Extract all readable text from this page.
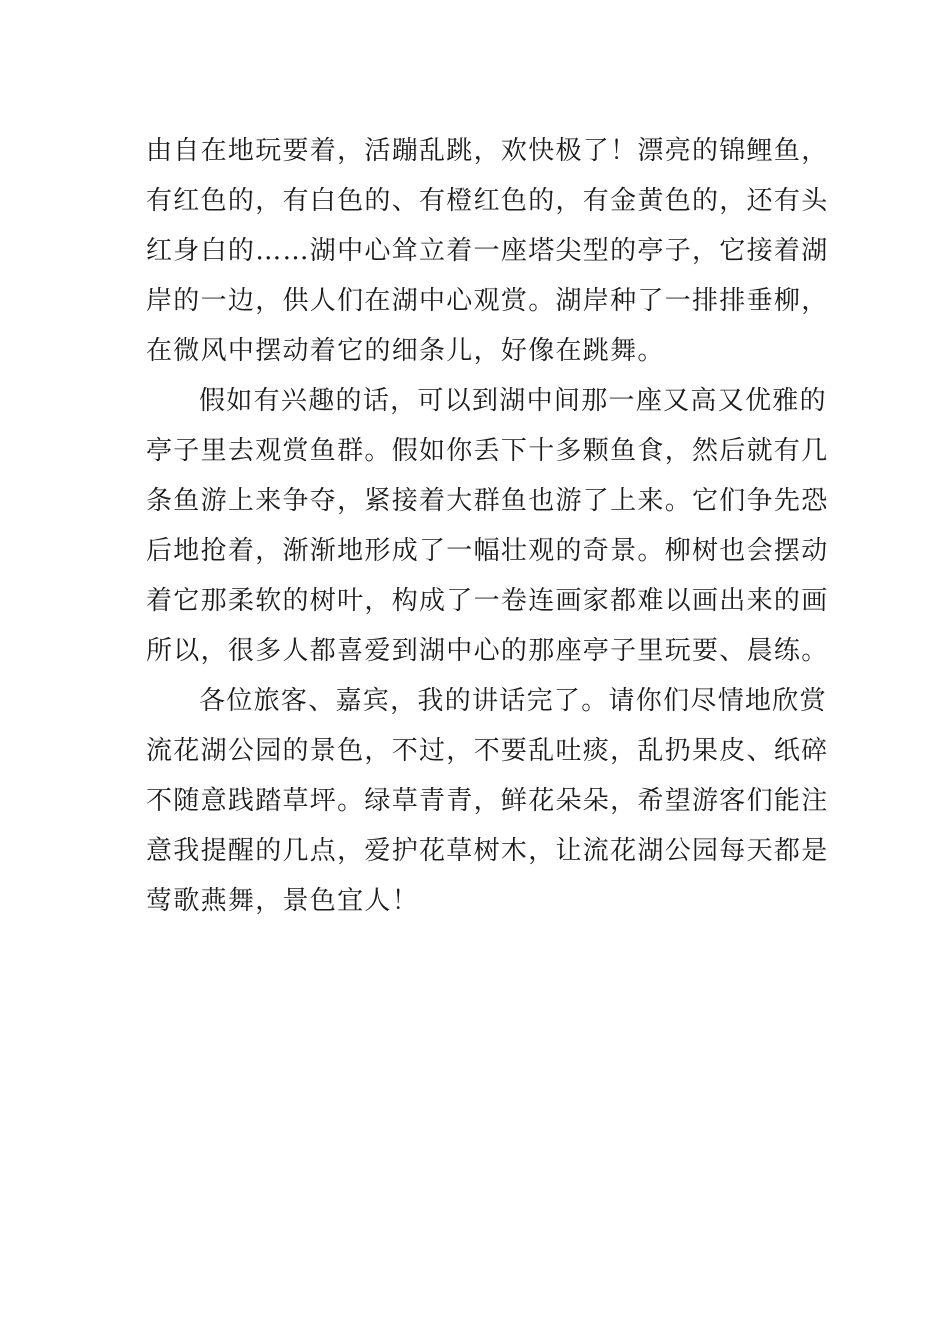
由自在地玩要着，活蹦乱跳，欢快极了！漂亮的锦鲤鱼，
有红色的，有白色的、有橙红色的，有金黄色的，还有头
红身白的……湖中心耸立着一座塔尖型的亭子，它接着湖
岸的一边，供人们在湖中心观赏。湖岸种了一排排垂柳，
在微风中摆动着它的细条儿，好像在跳舞。
假如有兴趣的话，可以到湖中间那一座又高又优雅的
亭子里去观赏鱼群。假如你丢下十多颗鱼食，然后就有几
条鱼游上来争夺，紧接着大群鱼也游了上来。它们争先恐
后地抢着，渐渐地形成了一幅壮观的奇景。柳树也会摆动
着它那柔软的树叶，构成了一卷连画家都难以画出来的画
所以，很多人都喜爱到湖中心的那座亭子里玩要、晨练。
各位旅客、嘉宾，我的讲话完了。请你们尽情地欣赏
流花湖公园的景色，不过，不要乱吐痰，乱扔果皮、纸碎
不随意践踏草坪。绿草青青，鲜花朵朵，希望游客们能注
意我提醒的几点，爱护花草树木，让流花湖公园每天都是
莺歌燕舞，景色宜人！
